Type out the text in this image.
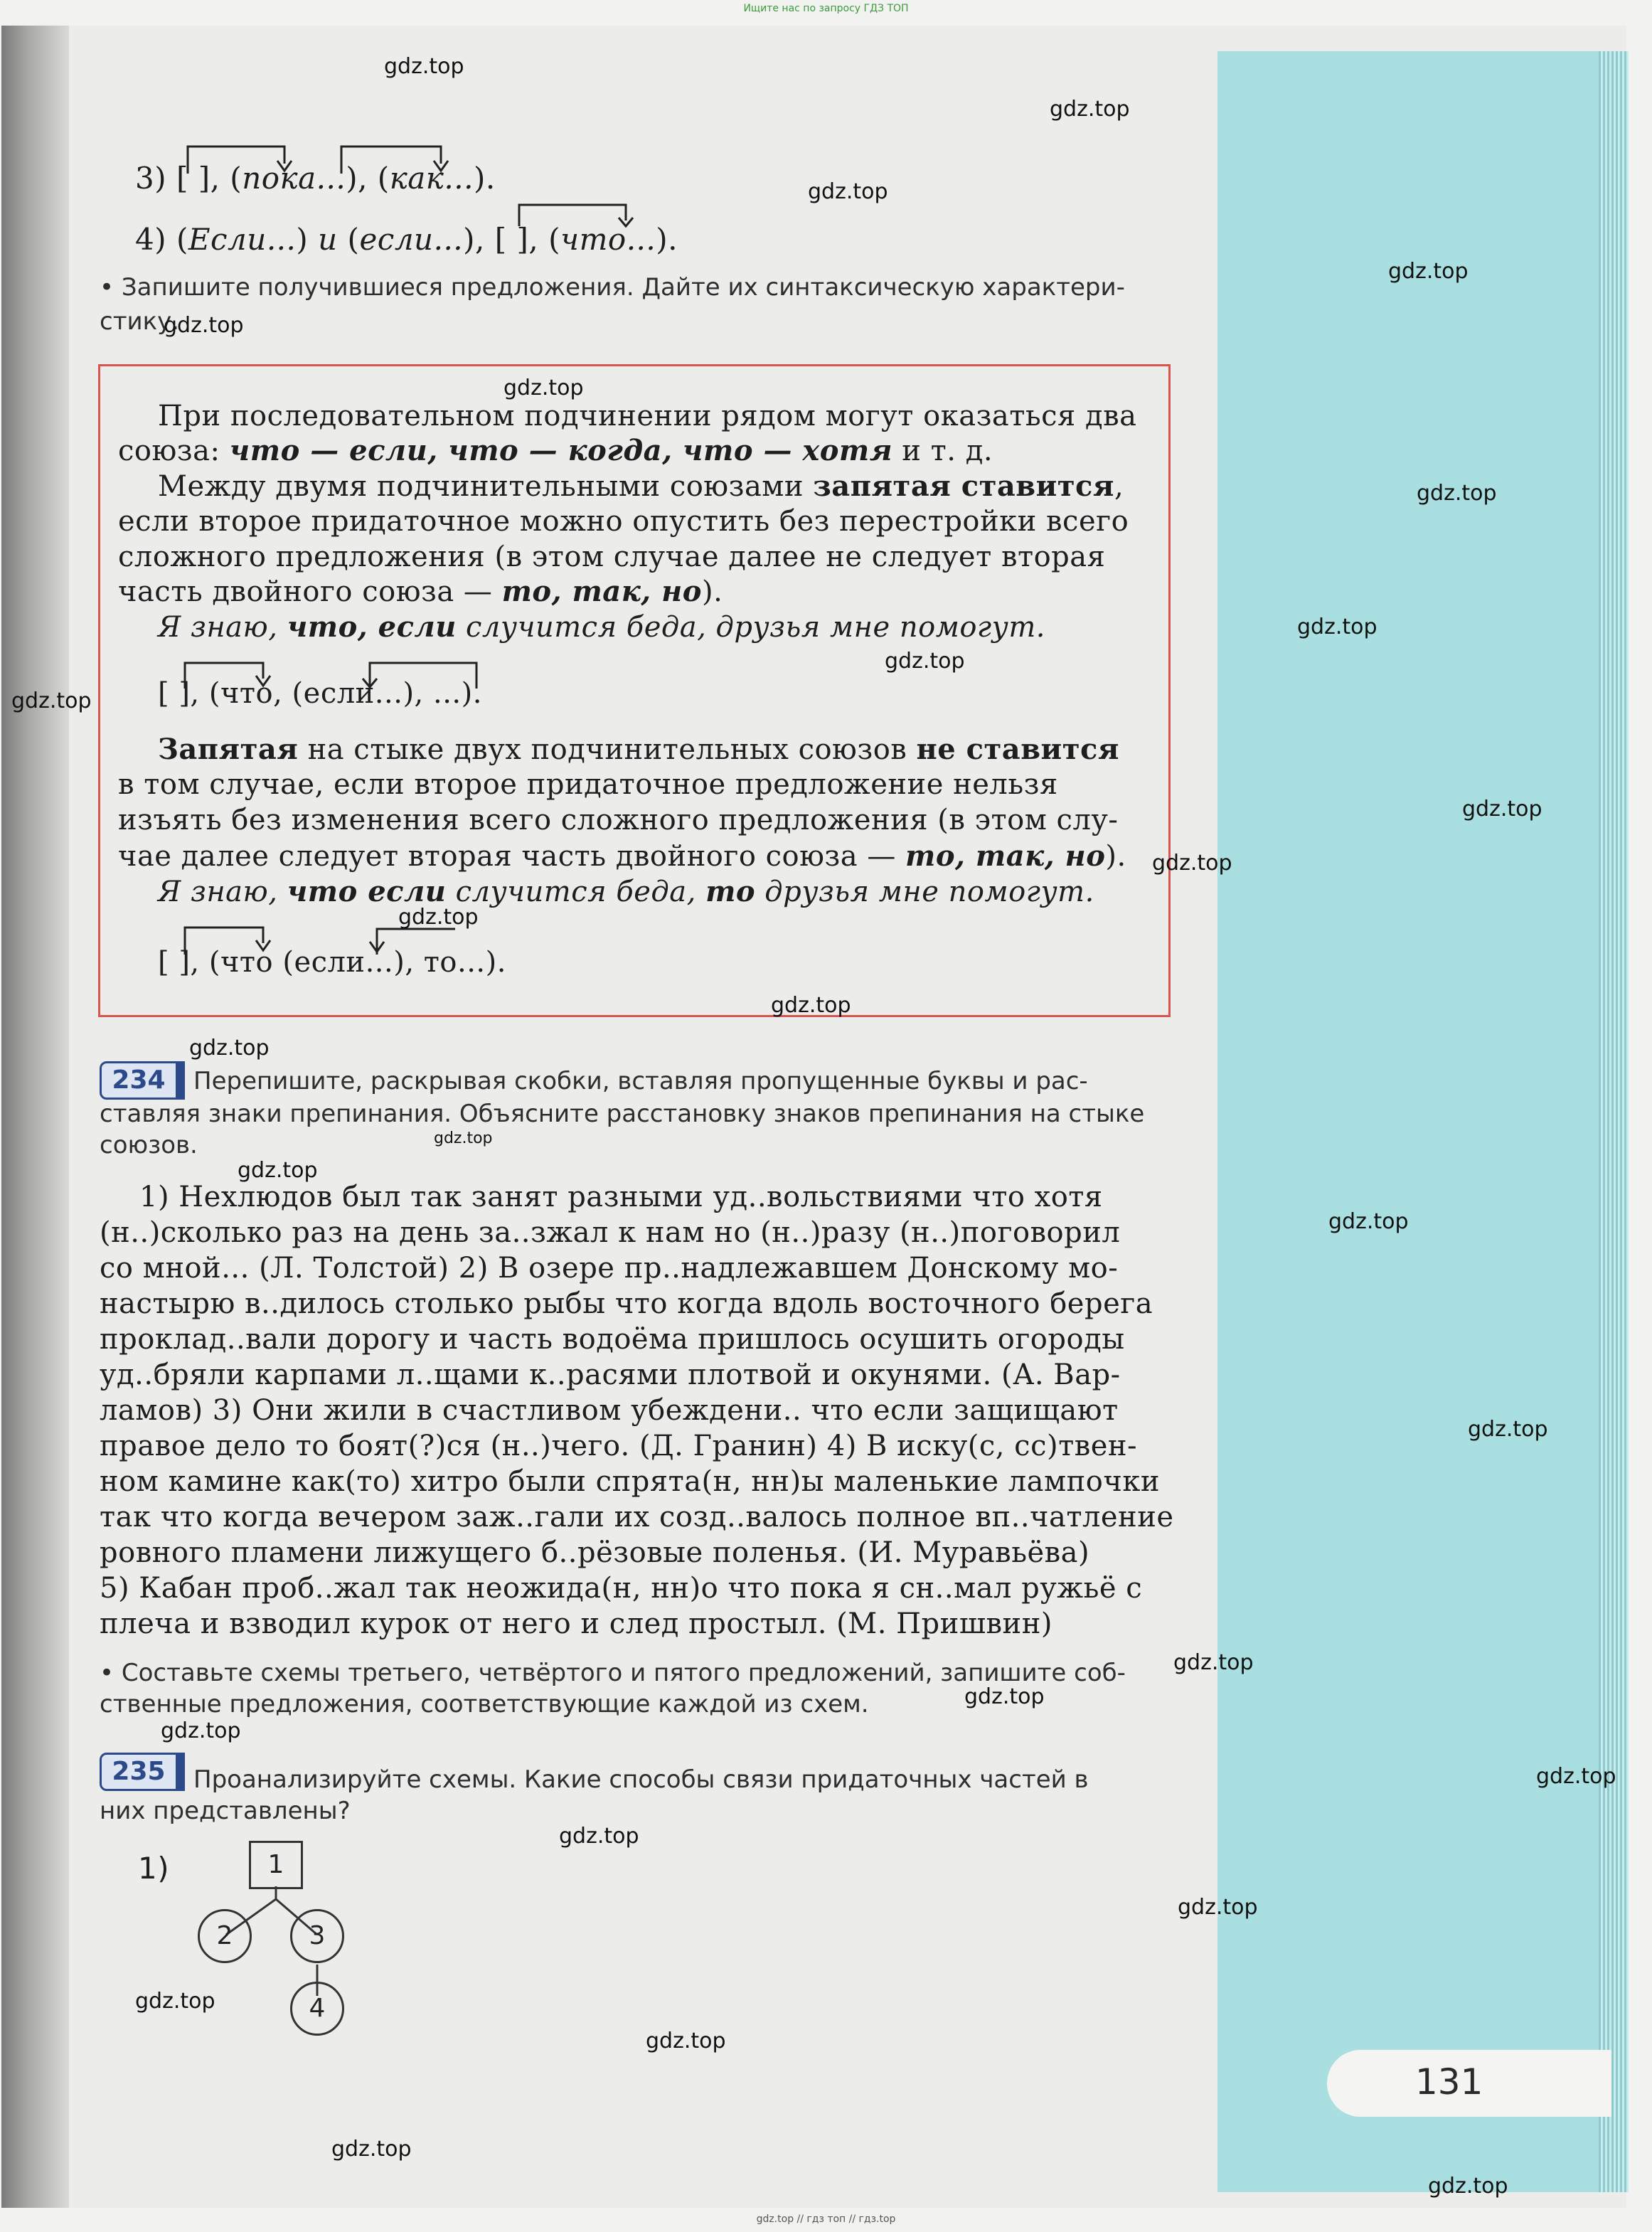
Ищите нас по запросу ГДЗ ТОП
131
3) [ ], (пока...), (как...).
4) (Если...) и (если...), [ ], (что...).
• Запишите получившиеся предложения. Дайте их синтаксическую характери-
стику.
При последовательном подчинении рядом могут оказаться два
союза: что — если, что — когда, что — хотя и т. д.
Между двумя подчинительными союзами запятая ставится,
если второе придаточное можно опустить без перестройки всего
сложного предложения (в этом случае далее не следует вторая
часть двойного союза — то, так, но).
Я знаю, что, если случится беда, друзья мне помогут.
[ ], (что, (если...), ...).
Запятая на стыке двух подчинительных союзов не ставится
в том случае, если второе придаточное предложение нельзя
изъять без изменения всего сложного предложения (в этом слу-
чае далее следует вторая часть двойного союза — то, так, но).
Я знаю, что если случится беда, то друзья мне помогут.
[ ], (что (если...), то...).
234	Перепишите, раскрывая скобки, вставляя пропущенные буквы и рас-
ставляя знаки препинания. Объясните расстановку знаков препинания на стыке
союзов.
1) Нехлюдов был так занят разными уд..вольствиями что хотя
(н..)сколько раз на день за..зжал к нам но (н..)разу (н..)поговорил
со мной... (Л. Толстой) 2) В озере пр..надлежавшем Донскому мо-
настырю в..дилось столько рыбы что когда вдоль восточного берега
проклад..вали дорогу и часть водоёма пришлось осушить огороды
уд..бряли карпами л..щами к..расями плотвой и окунями. (А. Вар-
ламов) 3) Они жили в счастливом убеждени.. что если защищают
правое дело то боят(?)ся (н..)чего. (Д. Гранин) 4) В иску(с, сс)твен-
ном камине как(то) хитро были спрята(н, нн)ы маленькие лампочки
так что когда вечером заж..гали их созд..валось полное вп..чатление
ровного пламени лижущего б..рёзовые поленья. (И. Муравьёва)
5) Кабан проб..жал так неожида(н, нн)о что пока я сн..мал ружьё с
плеча и взводил курок от него и след простыл. (М. Пришвин)
• Составьте схемы третьего, четвёртого и пятого предложений, запишите соб-
ственные предложения, соответствующие каждой из схем.
235	Проанализируйте схемы. Какие способы связи придаточных частей в
них представлены?
1)	1
2	3
4
gdz.top
gdz.top
gdz.top
gdz.top
gdz.top
gdz.top
gdz.top
gdz.top
gdz.top
gdz.top
gdz.top
gdz.top
gdz.top
gdz.top
gdz.top
gdz.top
gdz.top
gdz.top
gdz.top
gdz.top
gdz.top
gdz.top
gdz.top
gdz.top
gdz.top
gdz.top
gdz.top
gdz.top
gdz.top
gdz.top // гдз топ // гдз.top
